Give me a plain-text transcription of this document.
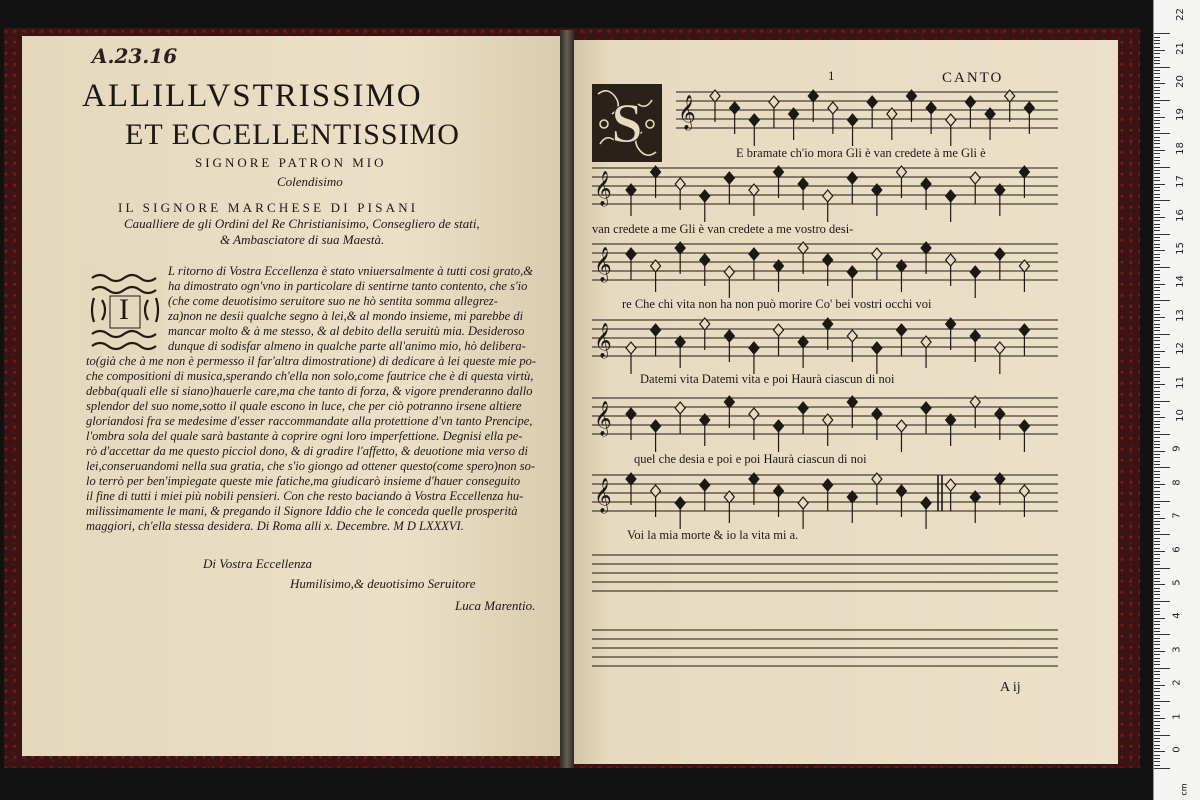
A.23.16
ALLILLVSTRISSIMO
ET ECCELLENTISSIMO
SIGNORE PATRON MIO
Colendisimo
IL SIGNORE MARCHESE DI PISANI
Caualliere de gli Ordini del Re Christianisimo, Consegliero de stati,
& Ambasciatore di sua Maestà.
I
L ritorno di Vostra Eccellenza è stato vniuersalmente à tutti cosi grato,&
ha dimostrato ogn'vno in particolare di sentirne tanto contento, che s'io
(che come deuotisimo seruitore suo ne hò sentita somma allegrez-
za)non ne desii qualche segno à lei,& al mondo insieme, mi parebbe di
mancar molto & à me stesso, & al debito della seruitù mia. Desideroso
dunque di sodisfar almeno in qualche parte all'animo mio, hò delibera-
to(già che à me non è permesso il far'altra dimostratione) di dedicare à lei queste mie po-
che compositioni di musica,sperando ch'ella non solo,come fautrice che è di questa virtù,
debba(quali elle si siano)hauerle care,ma che tanto di forza, & vigore prenderanno dallo
splendor del suo nome,sotto il quale escono in luce, che per ciò potranno irsene altiere
gloriandosi fra se medesime d'esser raccommandate alla protettione d'vn tanto Prencipe,
l'ombra sola del quale sarà bastante à coprire ogni loro imperfettione. Degnisi ella pe-
rò d'accettar da me questo picciol dono, & di gradire l'affetto, & deuotione mia verso di
lei,conseruandomi nella sua gratia, che s'io giongo ad ottener questo(come spero)non so-
lo terrò per ben'impiegate queste mie fatiche,ma giudicarò insieme d'hauer conseguito
il fine di tutti i miei più nobili pensieri. Con che resto baciando à Vostra Eccellenza hu-
milissimamente le mani, & pregando il Signore Iddio che le conceda quelle prosperità
maggiori, ch'ella stessa desidera. Di Roma alli x. Decembre. M D LXXXVI.
Di Vostra Eccellenza
Humilisimo,& deuotisimo Seruitore
Luca Marentio.
1	CANTO
S 𝄞
𝄞
𝄞
𝄞
𝄞
𝄞
E bramate ch'io mora Gli è van credete à me Gli è
van credete a me Gli è van credete a me vostro desi-
re Che chi vita non ha non può morire Co' bei vostri occhi voi
Datemi vita Datemi vita e poi Haurà ciascun di noi
quel che desia e poi e poi Haurà ciascun di noi
Voi la mia morte & io la vita mi a.
A ij
cm
0
1
2
3
4
5
6
7
8
9
10
11
12
13
14
15
16
17
18
19
20
21
22
